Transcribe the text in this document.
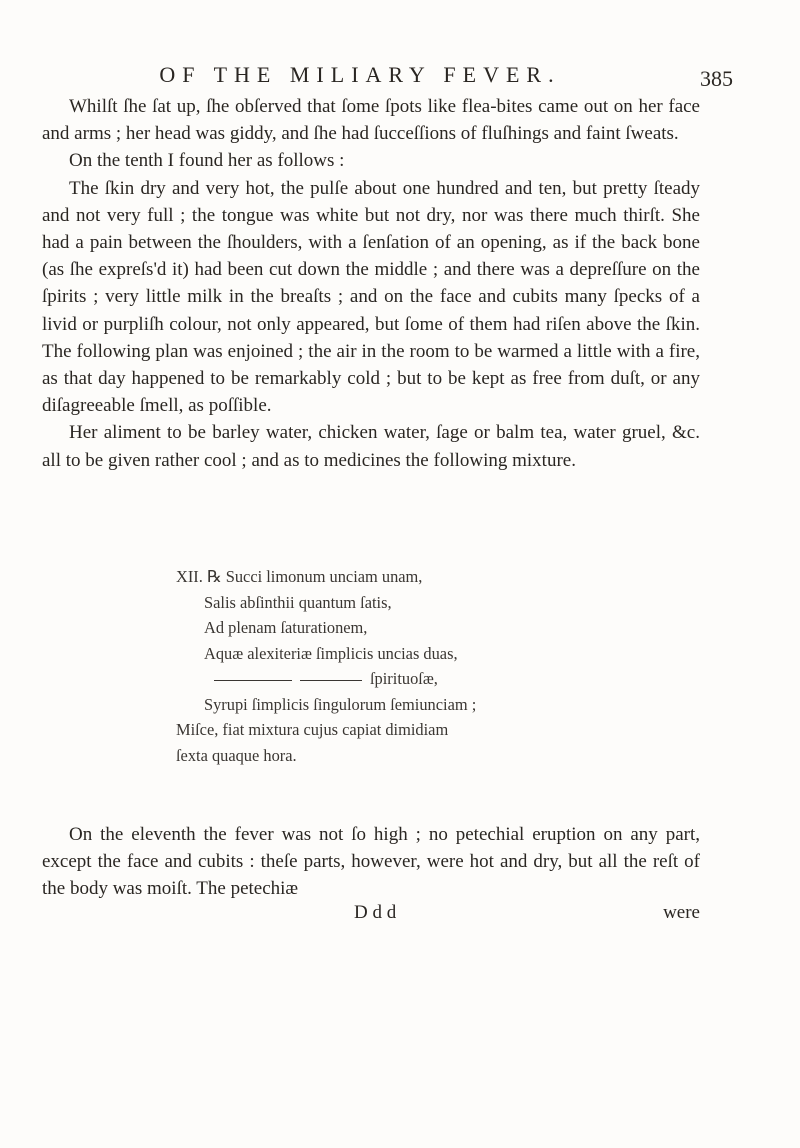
OF THE MILIARY FEVER.	385

Whilſt ſhe ſat up, ſhe obſerved that ſome ſpots like flea-bites came out on her face and arms ; her head was giddy, and ſhe had ſucceſſions of fluſhings and faint ſweats.

On the tenth I found her as follows :

The ſkin dry and very hot, the pulſe about one hundred and ten, but pretty ſteady and not very full ; the tongue was white but not dry, nor was there much thirſt. She had a pain between the ſhoulders, with a ſenſation of an opening, as if the back bone (as ſhe expreſs'd it) had been cut down the middle ; and there was a depreſſure on the ſpirits ; very little milk in the breaſts ; and on the face and cubits many ſpecks of a livid or purpliſh colour, not only appeared, but ſome of them had riſen above the ſkin. The following plan was enjoined ; the air in the room to be warmed a little with a fire, as that day happened to be remarkably cold ; but to be kept as free from duſt, or any diſagreeable ſmell, as poſſible.

Her aliment to be barley water, chicken water, ſage or balm tea, water gruel, &c. all to be given rather cool ; and as to medicines the following mixture.

XII. ℞ Succi limonum unciam unam,
Salis abſinthii quantum ſatis,
Ad plenam ſaturationem,
Aquæ alexiteriæ ſimplicis uncias duas,
ſpirituoſæ,
Syrupi ſimplicis ſingulorum ſemiunciam ;
Miſce, fiat mixtura cujus capiat dimidiam
ſexta quaque hora.

On the eleventh the fever was not ſo high ; no petechial eruption on any part, except the face and cubits : theſe parts, however, were hot and dry, but all the reſt of the body was moiſt. The petechiæ

D d d	were
